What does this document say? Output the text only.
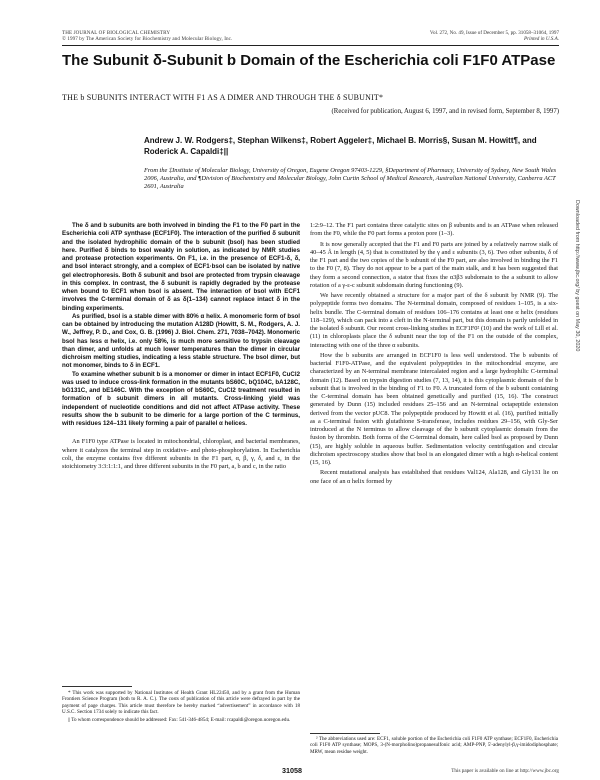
THE JOURNAL OF BIOLOGICAL CHEMISTRY
© 1997 by The American Society for Biochemistry and Molecular Biology, Inc.
Vol. 272, No. 49, Issue of December 5, pp. 31058–31064, 1997
Printed in U.S.A.
The Subunit δ-Subunit b Domain of the Escherichia coli F1F0 ATPase
THE b SUBUNITS INTERACT WITH F1 AS A DIMER AND THROUGH THE δ SUBUNIT*
(Received for publication, August 6, 1997, and in revised form, September 8, 1997)
Andrew J. W. Rodgers‡, Stephan Wilkens‡, Robert Aggeler‡, Michael B. Morris§, Susan M. Howitt¶, and Roderick A. Capaldi‡||
From the ‡Institute of Molecular Biology, University of Oregon, Eugene Oregon 97403-1229, §Department of Pharmacy, University of Sydney, New South Wales 2006, Australia, and ¶Division of Biochemistry and Molecular Biology, John Curtin School of Medical Research, Australian National University, Canberra ACT 2601, Australia

The δ and b subunits are both involved in binding the F1 to the F0 part in the Escherichia coli ATP synthase (ECF1F0). The interaction of the purified δ subunit and the isolated hydrophilic domain of the b subunit (bsol) has been studied here. Purified δ binds to bsol weakly in solution, as indicated by NMR studies and protease protection experiments. On F1, i.e. in the presence of ECF1-δ, δ, and bsol interact strongly, and a complex of ECF1·bsol can be isolated by native gel electrophoresis. Both δ subunit and bsol are protected from trypsin cleavage in this complex. In contrast, the δ subunit is rapidly degraded by the protease when bound to ECF1 when bsol is absent. The interaction of bsol with ECF1 involves the C-terminal domain of δ as δ(1–134) cannot replace intact δ in the binding experiments.

As purified, bsol is a stable dimer with 80% α helix. A monomeric form of bsol can be obtained by introducing the mutation A128D (Howitt, S. M., Rodgers, A. J. W., Jeffrey, P. D., and Cox, G. B. (1996) J. Biol. Chem. 271, 7038–7042). Monomeric bsol has less α helix, i.e. only 58%, is much more sensitive to trypsin cleavage than dimer, and unfolds at much lower temperatures than the dimer in circular dichroism melting studies, indicating a less stable structure. The bsol dimer, but not monomer, binds to δ in ECF1.

To examine whether subunit b is a monomer or dimer in intact ECF1F0, CuCl2 was used to induce cross-link formation in the mutants bS60C, bQ104C, bA128C, bG131C, and bE146C. With the exception of bS60C, CuCl2 treatment resulted in formation of b subunit dimers in all mutants. Cross-linking yield was independent of nucleotide conditions and did not affect ATPase activity. These results show the b subunit to be dimeric for a large portion of the C terminus, with residues 124–131 likely forming a pair of parallel α helices.

An F1F0 type ATPase is located in mitochondrial, chloroplast, and bacterial membranes, where it catalyzes the terminal step in oxidative- and photo-phosphorylation. In Escherichia coli, the enzyme contains five different subunits in the F1 part, α, β, γ, δ, and ε, in the stoichiometry 3:3:1:1:1, and three different subunits in the F0 part, a, b and c, in the ratio

1:2:9–12. The F1 part contains three catalytic sites on β subunits and is an ATPase when released from the F0, while the F0 part forms a proton pore (1–3).

It is now generally accepted that the F1 and F0 parts are joined by a relatively narrow stalk of 40–45 Å in length (4, 5) that is constituted by the γ and ε subunits (3, 6). Two other subunits, δ of the F1 part and the two copies of the b subunit of the F0 part, are also involved in binding the F1 to the F0 (7, 8). They do not appear to be a part of the main stalk, and it has been suggested that they form a second connection, a stator that fixes the α3β3 subdomain to the a subunit to allow rotation of a γ-ε-c subunit subdomain during functioning (9).

We have recently obtained a structure for a major part of the δ subunit by NMR (9). The polypeptide forms two domains. The N-terminal domain, composed of residues 1–105, is a six-helix bundle. The C-terminal domain of residues 106–176 contains at least one α helix (residues 118–129), which can pack into a cleft in the N-terminal part, but this domain is partly unfolded in the isolated δ subunit. Our recent cross-linking studies in ECF1F0² (10) and the work of Lill et al. (11) in chloroplasts place the δ subunit near the top of the F1 on the outside of the complex, interacting with one of the three α subunits.

How the b subunits are arranged in ECF1F0 is less well understood. The b subunits of bacterial F1F0-ATPase, and the equivalent polypeptides in the mitochondrial enzyme, are characterized by an N-terminal membrane intercalated region and a large hydrophilic C-terminal domain (12). Based on trypsin digestion studies (7, 13, 14), it is this cytoplasmic domain of the b subunit that is involved in the binding of F1 to F0. A truncated form of the b subunit containing the C-terminal domain has been obtained genetically and purified (15, 16). The construct generated by Dunn (15) included residues 25–156 and an N-terminal octapeptide extension derived from the vector pUC8. The polypeptide produced by Howitt et al. (16), purified initially as a C-terminal fusion with glutathione S-transferase, includes residues 29–156, with Gly-Ser introduced at the N terminus to allow cleavage of the b subunit cytoplasmic domain from the fusion by thrombin. Both forms of the C-terminal domain, here called bsol as proposed by Dunn (15), are highly soluble in aqueous buffer. Sedimentation velocity centrifugation and circular dichroism spectroscopy studies show that bsol is an elongated dimer with a high α-helical content (15, 16).

Recent mutational analysis has established that residues Val124, Ala128, and Gly131 lie on one face of an α helix formed by

* This work was supported by National Institutes of Health Grant HL22450, and by a grant from the Human Frontiers Science Program (both to R. A. C.). The costs of publication of this article were defrayed in part by the payment of page charges. This article must therefore be hereby marked “advertisement” in accordance with 18 U.S.C. Section 1734 solely to indicate this fact.

|| To whom correspondence should be addressed: Fax: 541-346-4854; E-mail: rcapaldi@oregon.uoregon.edu.

² The abbreviations used are: ECF1, soluble portion of the Escherichia coli F1F0 ATP synthase; ECF1F0, Escherichia coli F1F0 ATP synthase; MOPS, 3-(N-morpholino)propanesulfonic acid; AMP-PNP, 5'-adenylyl-β,γ-imidodiphosphate; MRW, mean residue weight.

31058	This paper is available on line at http://www.jbc.org
Downloaded from http://www.jbc.org/ by guest on May 30, 2020
